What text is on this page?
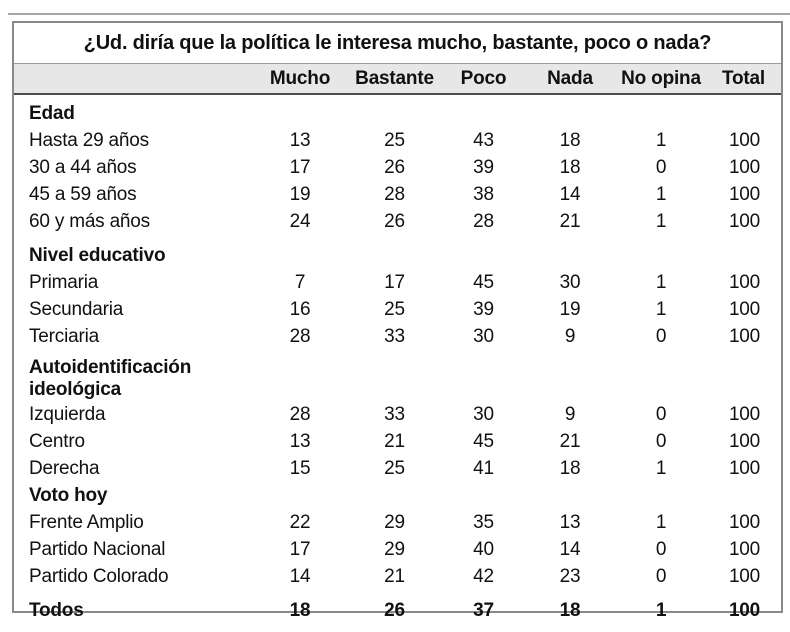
¿Ud. diría que la política le interesa mucho, bastante, poco o nada?
	Mucho	Bastante	Poco	Nada	No opina	Total

Edad						
Hasta 29 años	13	25	43	18	1	100
30 a 44 años	17	26	39	18	0	100
45 a 59 años	19	28	38	14	1	100
60 y más años	24	26	28	21	1	100

Nivel educativo						
Primaria	7	17	45	30	1	100
Secundaria	16	25	39	19	1	100
Terciaria	28	33	30	9	0	100

Autoidentificación ideológica						
Izquierda	28	33	30	9	0	100
Centro	13	21	45	21	0	100
Derecha	15	25	41	18	1	100
Voto hoy						
Frente Amplio	22	29	35	13	1	100
Partido Nacional	17	29	40	14	0	100
Partido Colorado	14	21	42	23	0	100

Todos	18	26	37	18	1	100
